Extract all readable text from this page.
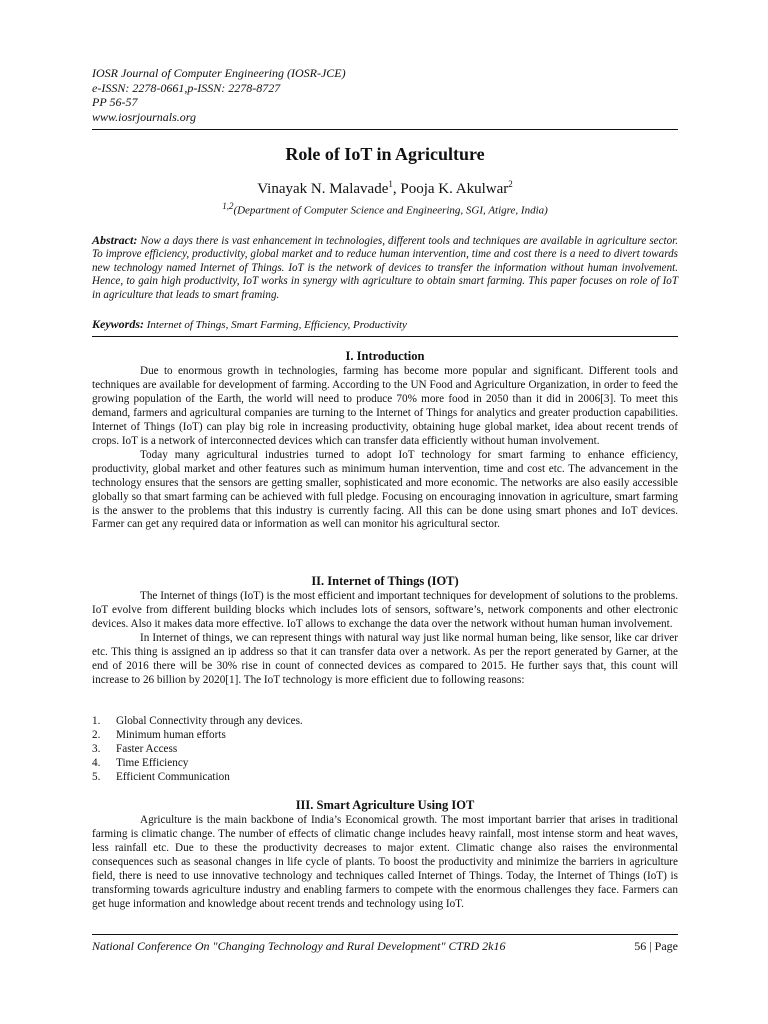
IOSR Journal of Computer Engineering (IOSR-JCE)
e-ISSN: 2278-0661,p-ISSN: 2278-8727
PP 56-57
www.iosrjournals.org
Role of IoT in Agriculture
Vinayak N. Malavade$^1$, Pooja K. Akulwar$^2$
$^{1,2}$(Department of Computer Science and Engineering, SGI, Atigre, India)
Abstract: Now a days there is vast enhancement in technologies, different tools and techniques are available in agriculture sector. To improve efficiency, productivity, global market and to reduce human intervention, time and cost there is a need to divert towards new technology named Internet of Things. IoT is the network of devices to transfer the information without human involvement. Hence, to gain high productivity, IoT works in synergy with agriculture to obtain smart farming. This paper focuses on role of IoT in agriculture that leads to smart framing.
Keywords: Internet of Things, Smart Farming, Efficiency, Productivity
I. Introduction

Due to enormous growth in technologies, farming has become more popular and significant. Different tools and techniques are available for development of farming. According to the UN Food and Agriculture Organization, in order to feed the growing population of the Earth, the world will need to produce 70% more food in 2050 than it did in 2006[3]. To meet this demand, farmers and agricultural companies are turning to the Internet of Things for analytics and greater production capabilities. Internet of Things (IoT) can play big role in increasing productivity, obtaining huge global market, idea about recent trends of crops. IoT is a network of interconnected devices which can transfer data efficiently without human involvement.

Today many agricultural industries turned to adopt IoT technology for smart farming to enhance efficiency, productivity, global market and other features such as minimum human intervention, time and cost etc. The advancement in the technology ensures that the sensors are getting smaller, sophisticated and more economic. The networks are also easily accessible globally so that smart farming can be achieved with full pledge. Focusing on encouraging innovation in agriculture, smart farming is the answer to the problems that this industry is currently facing. All this can be done using smart phones and IoT devices. Farmer can get any required data or information as well can monitor his agricultural sector.

II. Internet of Things (IOT)

The Internet of things (IoT) is the most efficient and important techniques for development of solutions to the problems. IoT evolve from different building blocks which includes lots of sensors, software’s, network components and other electronic devices. Also it makes data more effective. IoT allows to exchange the data over the network without human human involvement.

In Internet of things, we can represent things with natural way just like normal human being, like sensor, like car driver etc. This thing is assigned an ip address so that it can transfer data over a network. As per the report generated by Garner, at the end of 2016 there will be 30% rise in count of connected devices as compared to 2015. He further says that, this count will increase to 26 billion by 2020[1]. The IoT technology is more efficient due to following reasons:

1.	Global Connectivity through any devices.
2.	Minimum human efforts
3.	Faster Access
4.	Time Efficiency
5.	Efficient Communication
III. Smart Agriculture Using IOT

Agriculture is the main backbone of India’s Economical growth. The most important barrier that arises in traditional farming is climatic change. The number of effects of climatic change includes heavy rainfall, most intense storm and heat waves, less rainfall etc. Due to these the productivity decreases to major extent. Climatic change also raises the environmental consequences such as seasonal changes in life cycle of plants. To boost the productivity and minimize the barriers in agriculture field, there is need to use innovative technology and techniques called Internet of Things. Today, the Internet of Things (IoT) is transforming towards agriculture industry and enabling farmers to compete with the enormous challenges they face. Farmers can get huge information and knowledge about recent trends and technology using IoT.

National Conference On "Changing Technology and Rural Development" CTRD 2k16	56 | Page
